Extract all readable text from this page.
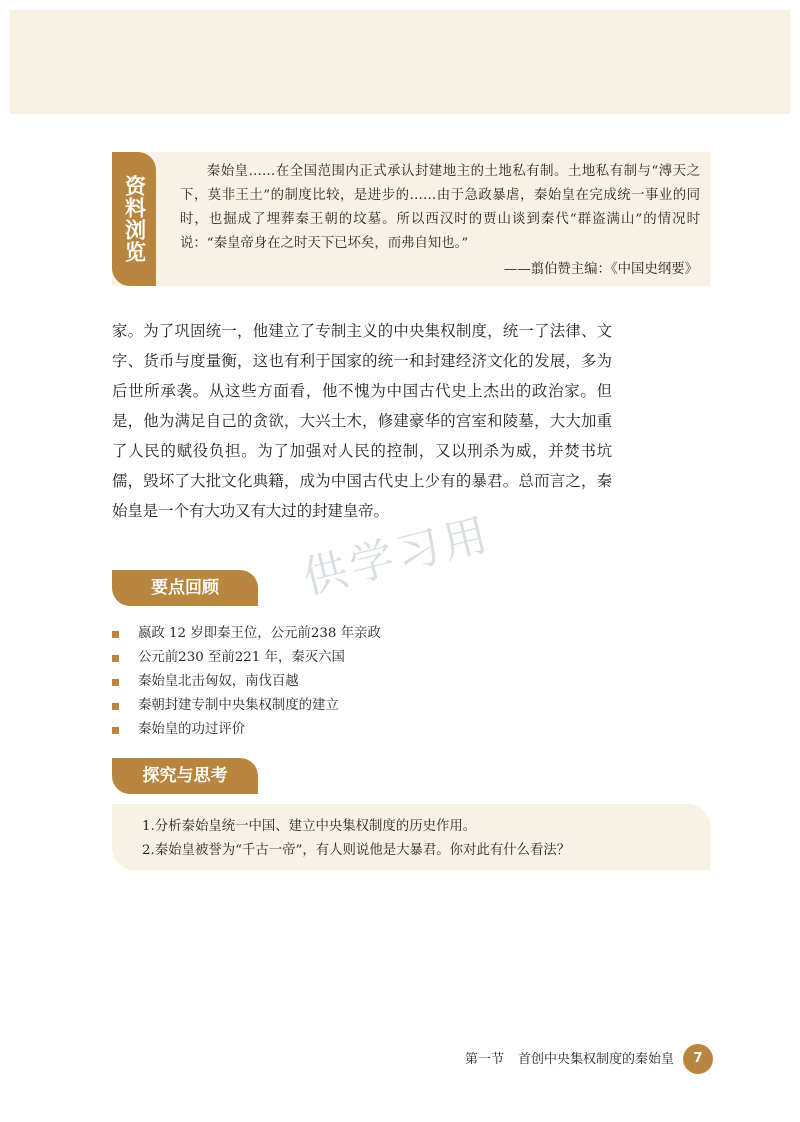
资料浏览

秦始皇……在全国范围内正式承认封建地主的土地私有制。土地私有制与“溥天之下，莫非王土”的制度比较，是进步的……由于急政暴虐，秦始皇在完成统一事业的同时，也掘成了埋葬秦王朝的坟墓。所以西汉时的贾山谈到秦代“群盗满山”的情况时说：“秦皇帝身在之时天下已坏矣，而弗自知也。”

——翦伯赞主编：《中国史纲要》
家。为了巩固统一，他建立了专制主义的中央集权制度，统一了法律、文字、货币与度量衡，这也有利于国家的统一和封建经济文化的发展，多为后世所承袭。从这些方面看，他不愧为中国古代史上杰出的政治家。但是，他为满足自己的贪欲，大兴土木，修建豪华的宫室和陵墓，大大加重了人民的赋役负担。为了加强对人民的控制，又以刑杀为威，并焚书坑儒，毁坏了大批文化典籍，成为中国古代史上少有的暴君。总而言之，秦始皇是一个有大功又有大过的封建皇帝。
供学习用
要点回顾
嬴政 12 岁即秦王位，公元前238 年亲政
公元前230 至前221 年，秦灭六国
秦始皇北击匈奴，南伐百越
秦朝封建专制中央集权制度的建立
秦始皇的功过评价
探究与思考
1.分析秦始皇统一中国、建立中央集权制度的历史作用。
2.秦始皇被誉为“千古一帝”，有人则说他是大暴君。你对此有什么看法？
第一节 首创中央集权制度的秦始皇	7
